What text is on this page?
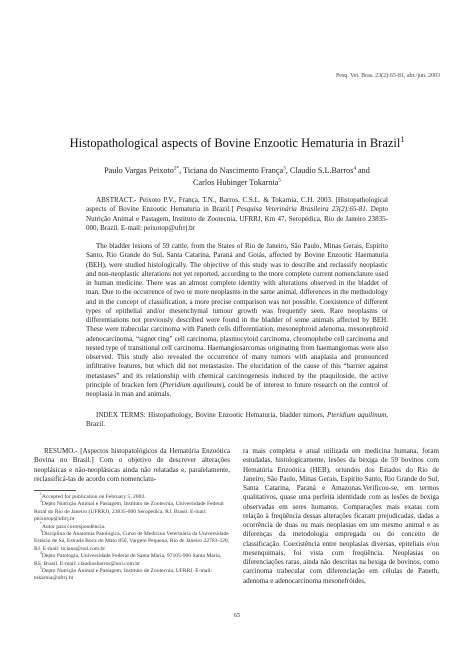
Pesq. Vet. Bras. 23(2):65-81, abr./jun. 2003
Histopathological aspects of Bovine Enzootic Hematuria in Brazil$^1$
Paulo Vargas Peixoto$^{2*}$, Ticiana do Nascimento França$^3$, Claudio S.L.Barros$^4$ and
Carlos Hubinger Tokarnia$^5$
ABSTRACT.- Peixoto P.V., França, T.N., Barros, C.S.L. & Tokarnia, C.H. 2003. [Histopathological aspects of Bovine Enzootic Hematuria in Brazil.] Pesquisa Veterinária Brasileira 23(2):65-81. Depto Nutrição Animal e Pastagem, Instituto de Zootecnia, UFRRJ, Km 47, Seropédica, Rio de Janeiro 23835-000, Brazil. E-mail: peixotop@ufrrj.br
The bladder lesions of 59 cattle, from the States of Rio de Janeiro, São Paulo, Minas Gerais, Espírito Santo, Rio Grande do Sul, Santa Catarina, Paraná and Goiás, affected by Bovine Enzootic Haematuria (BEH), were studied histologically. The objective of this study was to describe and reclassify neoplastic and non-neoplastic alterations not yet reported, according to the more complete current nomenclature used in human medicine. There was an almost complete identity with alterations observed in the bladder of man. Due to the occurrence of two or more neoplasms in the same animal, differences in the methodology and in the concept of classification, a more precise comparison was not possible. Coexistence of different types of epithelial and/or mesenchymal tumour growth was frequently seen. Rare neoplasms or differentiations not previously described were found in the bladder of some animals affected by BEH. These were trabecular carcinoma with Paneth cells differentiation, mesonephroid adenoma, mesonephroid adenocarcinoma, “signet ring” cell carcinoma, plasmocytoid carcinoma, chromophobe cell carcinoma and nested type of transitional cell carcinoma. Haemangiosarcomas originating from haemangiomas were also observed. This study also revealed the occurrence of many tumors with anaplasia and pronounced infiltrative features, but which did not metastasize. The elucidation of the cause of this “barrier against metastases” and its relationship with chemical carcinogenesis induced by the ptaquiloside, the active principle of bracken fern (Pteridium aquilinum), could be of interest to future research on the control of neoplasia in man and animals.
INDEX TERMS: Histopathology, Bovine Enzootic Hematuria, bladder tumors, Pteridium aquilinum, Brazil.
RESUMO.- [Aspectos histopatológicos da Hematúria Enzoótica Bovina no Brasil.] Com o objetivo de descrever alterações neoplásicas e não-neoplásicas ainda não relatadas e, paralelamente, reclassificá-las de acordo com nomenclatu-
ra mais completa e atual utilizada em medicina humana, foram estudadas, histologicamente, lesões da bexiga de 59 bovinos com Hematúria Enzoótica (HEB), oriundos dos Estados do Rio de Janeiro, São Paulo, Minas Gerais, Espírito Santo, Rio Grande do Sul, Santa Catarina, Paraná e Amazonas.Verificou-se, em termos qualitativos, quase uma perfeita identidade com as lesões de bexiga observadas em seres humanos. Comparações mais exatas com relação à freqüência dessas alterações ficaram prejudicadas, dadas a ocorrência de duas ou mais neoplasias em um mesmo animal e as diferenças da metodologia empregada ou do conceito de classificação. Coexistência entre neoplasias diversas, epiteliais e/ou mesenquimais, foi vista com freqüência. Neoplasias ou diferenciações raras, ainda não descritas na bexiga de bovinos, como carcinoma trabecular com diferenciação em células de Paneth, adenoma e adenocarcinoma mesonefróides,
$^1$Accepted for publication on February 5, 2003.
$^2$Depto Nutrição Animal e Pastagem, Instituto de Zootecnia, Universidade Federal Rural do Rio de Janeiro (UFRRJ), 23835-000 Seropédica, RJ. Brasil. E-mail: peixotop@ufrrj.br
*Autor para correspondência.
$^3$Disciplina de Anatomia Patológica, Curso de Medicina Veterinária da Universidade Estácio de Sá, Estrada Boca do Mato 850, Vargem Pequena, Rio de Janeiro 22783-320, RJ. E-mail: ticiana@uol.com.br
$^4$Depto Patologia, Universidade Federal de Santa Maria, 97105-900 Santa Maria, RS. Brasil. E-mail: claudiosbarros@uol.com.br
$^5$Depto Nutrição Animal e Pastagem, Instituto de Zootecnia, UFRRJ. E-mail: tokarnia@ufrrj.br
65
